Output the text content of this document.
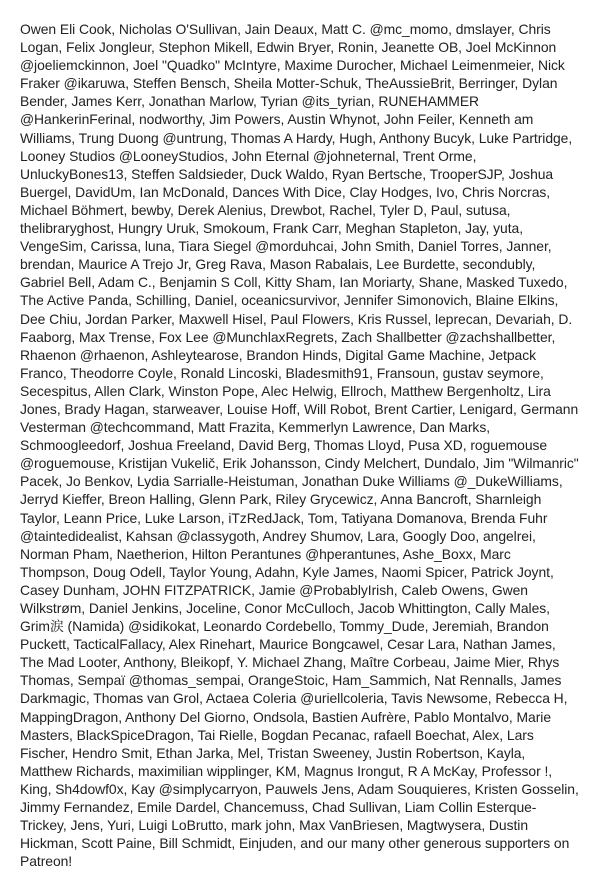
Owen Eli Cook, Nicholas O'Sullivan, Jain Deaux, Matt C. @mc_momo, dmslayer, Chris Logan, Felix Jongleur, Stephon Mikell, Edwin Bryer, Ronin, Jeanette OB, Joel McKinnon @joeliemckinnon, Joel "Quadko" McIntyre, Maxime Durocher, Michael Leimenmeier, Nick Fraker @ikaruwa, Steffen Bensch, Sheila Motter-Schuk, TheAussieBrit, Berringer, Dylan Bender, James Kerr, Jonathan Marlow, Tyrian @its_tyrian, RUNEHAMMER @HankerinFerinal, nodworthy, Jim Powers, Austin Whynot, John Feiler, Kenneth am Williams, Trung Duong @untrung, Thomas A Hardy, Hugh, Anthony Bucyk, Luke Partridge, Looney Studios @LooneyStudios, John Eternal @johneternal, Trent Orme, UnluckyBones13, Steffen Saldsieder, Duck Waldo, Ryan Bertsche, TrooperSJP, Joshua Buergel, DavidUm, Ian McDonald, Dances With Dice, Clay Hodges, Ivo, Chris Norcras, Michael Böhmert, bewby, Derek Alenius, Drewbot, Rachel, Tyler D, Paul, sutusa, thelibraryghost, Hungry Uruk, Smokoum, Frank Carr, Meghan Stapleton, Jay, yuta, VengeSim, Carissa, luna, Tiara Siegel @morduhcai, John Smith, Daniel Torres, Janner, brendan, Maurice A Trejo Jr, Greg Rava, Mason Rabalais, Lee Burdette, secondubly, Gabriel Bell, Adam C., Benjamin S Coll, Kitty Sham, Ian Moriarty, Shane, Masked Tuxedo, The Active Panda, Schilling, Daniel, oceanicsurvivor, Jennifer Simonovich, Blaine Elkins, Dee Chiu, Jordan Parker, Maxwell Hisel, Paul Flowers, Kris Russel, leprecan, Devariah, D. Faaborg, Max Trense, Fox Lee @MunchlaxRegrets, Zach Shallbetter @zachshallbetter, Rhaenon @rhaenon, Ashleytearose, Brandon Hinds, Digital Game Machine, Jetpack Franco, Theodorre Coyle, Ronald Lincoski, Bladesmith91, Fransoun, gustav seymore, Secespitus, Allen Clark, Winston Pope, Alec Helwig, Ellroch, Matthew Bergenholtz, Lira Jones, Brady Hagan, starweaver, Louise Hoff, Will Robot, Brent Cartier, Lenigard, Germann Vesterman @techcommand, Matt Frazita, Kemmerlyn Lawrence, Dan Marks, Schmoogleedorf, Joshua Freeland, David Berg, Thomas Lloyd, Pusa XD, roguemouse @roguemouse, Kristijan Vukelič, Erik Johansson, Cindy Melchert, Dundalo, Jim "Wilmanric" Pacek, Jo Benkov, Lydia Sarrialle-Heistuman, Jonathan Duke Williams @_DukeWilliams, Jerryd Kieffer, Breon Halling, Glenn Park, Riley Grycewicz, Anna Bancroft, Sharnleigh Taylor, Leann Price, Luke Larson, iTzRedJack, Tom, Tatiyana Domanova, Brenda Fuhr @taintedidealist, Kahsan @classygoth, Andrey Shumov, Lara, Googly Doo, angelrei, Norman Pham, Naetherion, Hilton Perantunes @hperantunes, Ashe_Boxx, Marc Thompson, Doug Odell, Taylor Young, Adahn, Kyle James, Naomi Spicer, Patrick Joynt, Casey Dunham, JOHN FITZPATRICK, Jamie @ProbablyIrish, Caleb Owens, Gwen Wilkstrøm, Daniel Jenkins, Joceline, Conor McCulloch, Jacob Whittington, Cally Males, Grim涙 (Namida) @sidikokat, Leonardo Cordebello, Tommy_Dude, Jeremiah, Brandon Puckett, TacticalFallacy, Alex Rinehart, Maurice Bongcawel, Cesar Lara, Nathan James, The Mad Looter, Anthony, Bleikopf, Y. Michael Zhang, Maître Corbeau, Jaime Mier, Rhys Thomas, Sempaï @thomas_sempai, OrangeStoic, Ham_Sammich, Nat Rennalls, James Darkmagic, Thomas van Grol, Actaea Coleria @uriellcoleria, Tavis Newsome, Rebecca H, MappingDragon, Anthony Del Giorno, Ondsola, Bastien Aufrère, Pablo Montalvo, Marie Masters, BlackSpiceDragon, Tai Rielle, Bogdan Pecanac, rafaell Boechat, Alex, Lars Fischer, Hendro Smit, Ethan Jarka, Mel, Tristan Sweeney, Justin Robertson, Kayla, Matthew Richards, maximilian wipplinger, KM, Magnus Irongut, R A McKay, Professor !, King, Sh4dowf0x, Kay @simplycarryon, Pauwels Jens, Adam Souquieres, Kristen Gosselin, Jimmy Fernandez, Emile Dardel, Chancemuss, Chad Sullivan, Liam Collin Esterque-Trickey, Jens, Yuri, Luigi LoBrutto, mark john, Max VanBriesen, Magtwysera, Dustin Hickman, Scott Paine, Bill Schmidt, Einjuden, and our many other generous supporters on Patreon!
